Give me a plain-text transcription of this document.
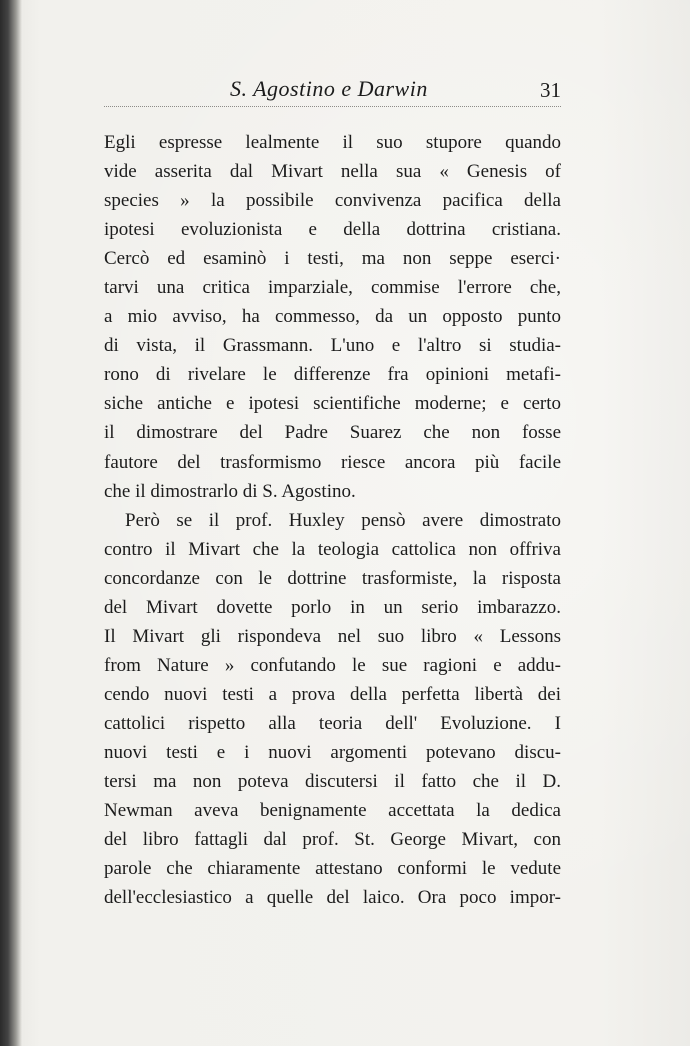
S. Agostino e Darwin	31
Egli espresse lealmente il suo stupore quando
vide asserita dal Mivart nella sua « Genesis of
species » la possibile convivenza pacifica della
ipotesi evoluzionista e della dottrina cristiana.
Cercò ed esaminò i testi, ma non seppe eserci·
tarvi una critica imparziale, commise l'errore che,
a mio avviso, ha commesso, da un opposto punto
di vista, il Grassmann. L'uno e l'altro si studia-
rono di rivelare le differenze fra opinioni metafi-
siche antiche e ipotesi scientifiche moderne; e certo
il dimostrare del Padre Suarez che non fosse
fautore del trasformismo riesce ancora più facile
che il dimostrarlo di S. Agostino.
Però se il prof. Huxley pensò avere dimostrato
contro il Mivart che la teologia cattolica non offriva
concordanze con le dottrine trasformiste, la risposta
del Mivart dovette porlo in un serio imbarazzo.
Il Mivart gli rispondeva nel suo libro « Lessons
from Nature » confutando le sue ragioni e addu-
cendo nuovi testi a prova della perfetta libertà dei
cattolici rispetto alla teoria dell' Evoluzione. I
nuovi testi e i nuovi argomenti potevano discu-
tersi ma non poteva discutersi il fatto che il D.
Newman aveva benignamente accettata la dedica
del libro fattagli dal prof. St. George Mivart, con
parole che chiaramente attestano conformi le vedute
dell'ecclesiastico a quelle del laico. Ora poco impor-
